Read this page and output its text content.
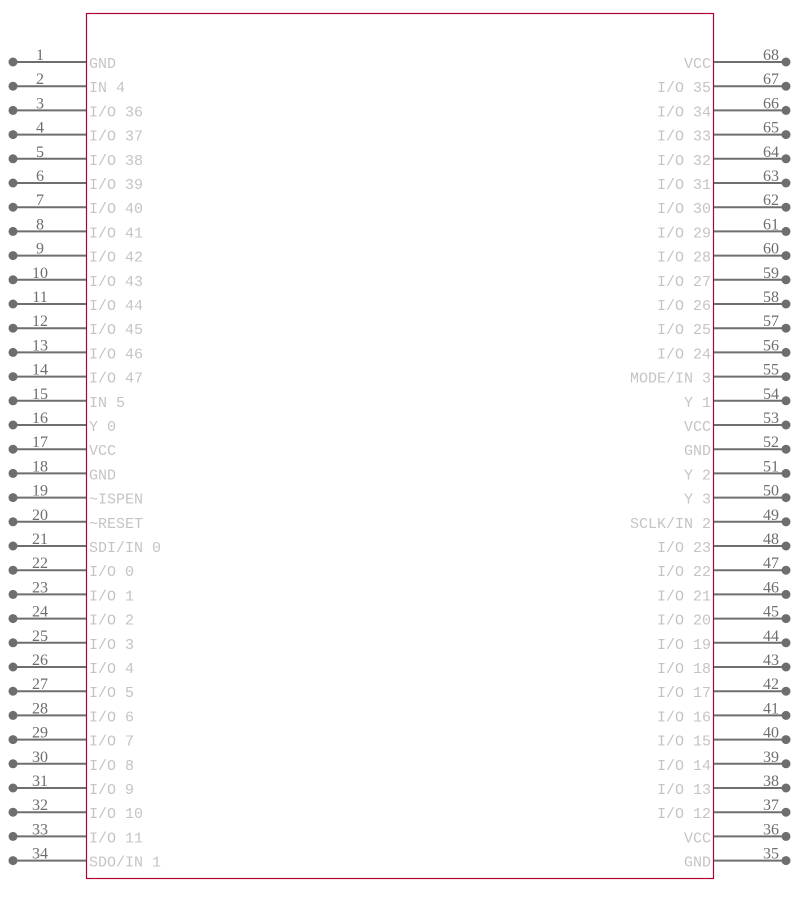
1
GND
2
IN 4
3
I/O 36
4
I/O 37
5
I/O 38
6
I/O 39
7
I/O 40
8
I/O 41
9
I/O 42
10
I/O 43
11
I/O 44
12
I/O 45
13
I/O 46
14
I/O 47
15
IN 5
16
Y 0
17
VCC
18
GND
19
~ISPEN
20
~RESET
21
SDI/IN 0
22
I/O 0
23
I/O 1
24
I/O 2
25
I/O 3
26
I/O 4
27
I/O 5
28
I/O 6
29
I/O 7
30
I/O 8
31
I/O 9
32
I/O 10
33
I/O 11
34
SDO/IN 1
68
VCC
67
I/O 35
66
I/O 34
65
I/O 33
64
I/O 32
63
I/O 31
62
I/O 30
61
I/O 29
60
I/O 28
59
I/O 27
58
I/O 26
57
I/O 25
56
I/O 24
55
MODE/IN 3
54
Y 1
53
VCC
52
GND
51
Y 2
50
Y 3
49
SCLK/IN 2
48
I/O 23
47
I/O 22
46
I/O 21
45
I/O 20
44
I/O 19
43
I/O 18
42
I/O 17
41
I/O 16
40
I/O 15
39
I/O 14
38
I/O 13
37
I/O 12
36
VCC
35
GND
